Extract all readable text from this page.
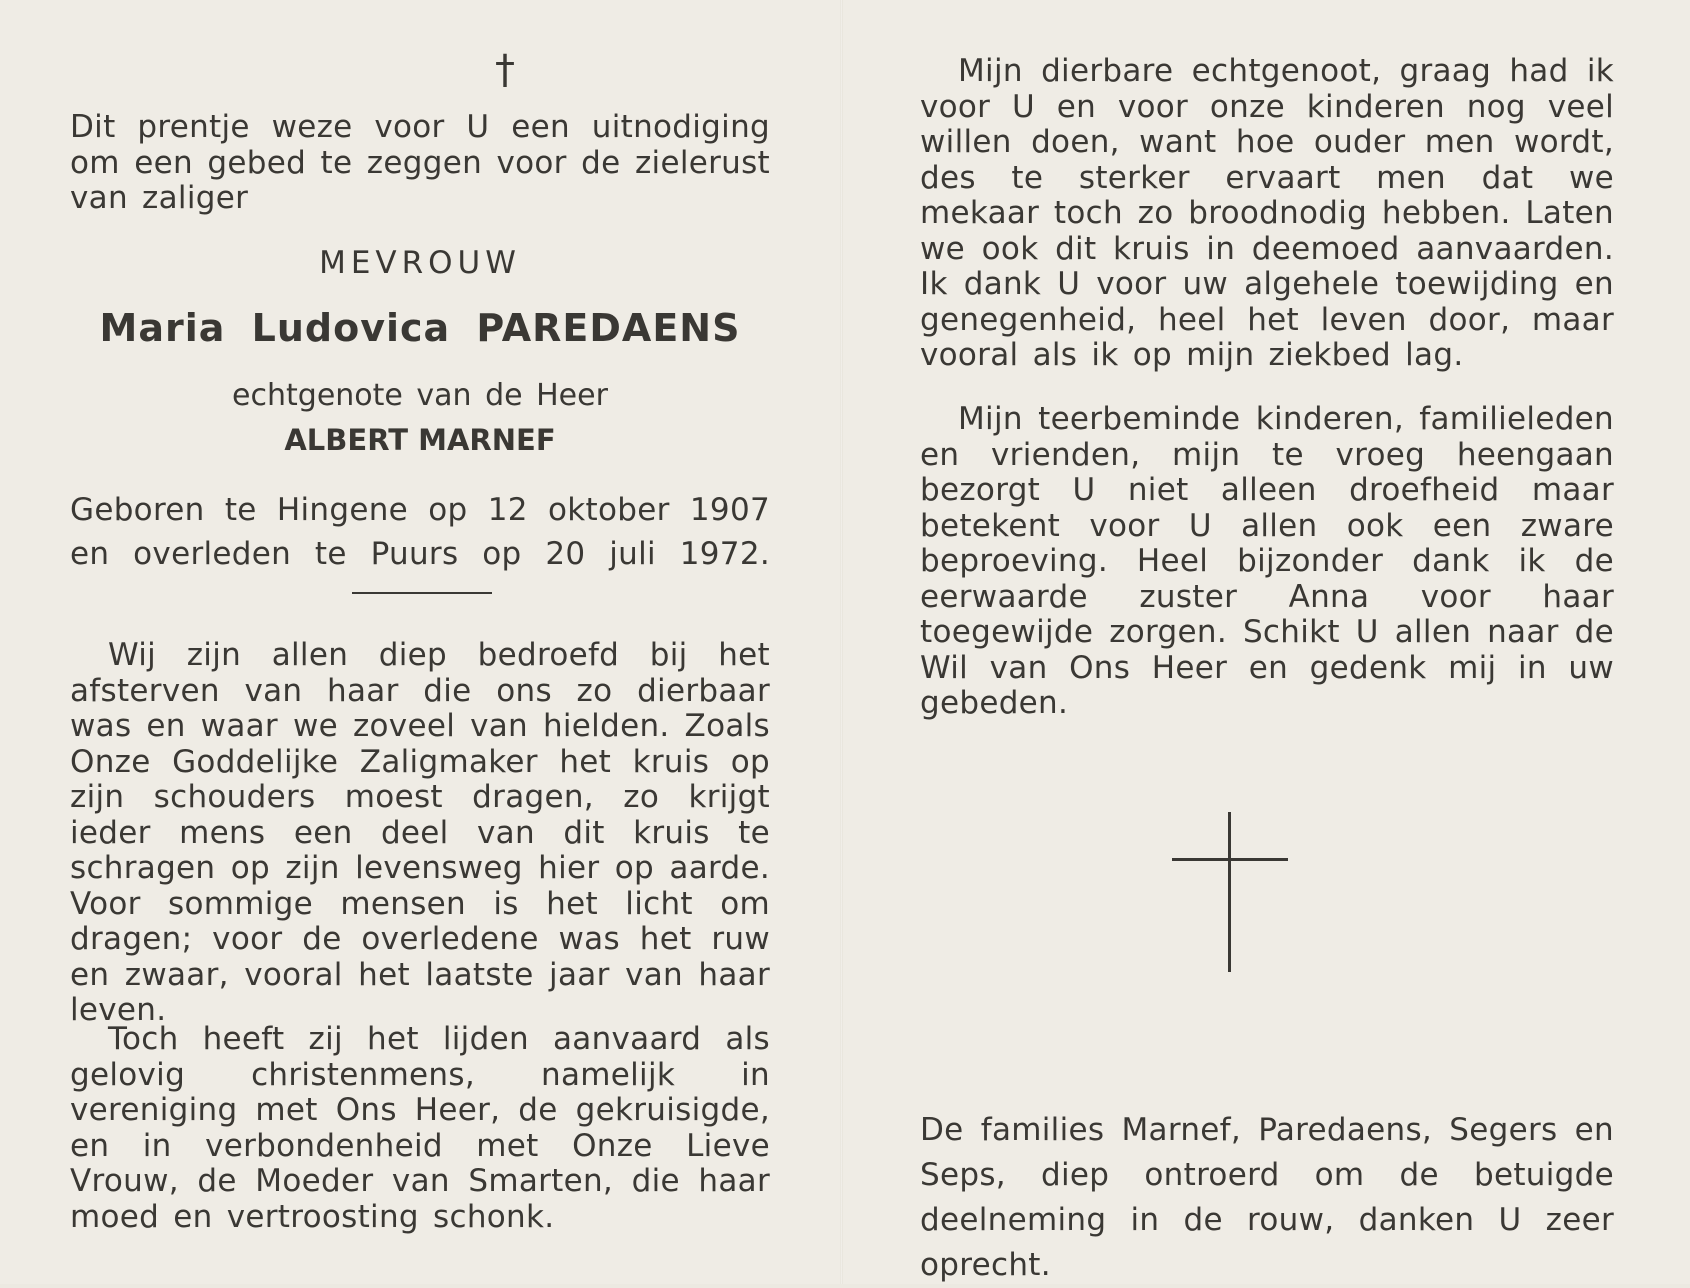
†

Dit prentje weze voor U een uitnodiging om een gebed te zeggen voor de zielerust van zaliger

MEVROUW

Maria Ludovica PAREDAENS

echtgenote van de Heer

ALBERT MARNEF

Geboren te Hingene op 12 oktober 1907 en overleden te Puurs op 20 juli 1972.

Wij zijn allen diep bedroefd bij het afsterven van haar die ons zo dierbaar was en waar we zoveel van hielden. Zoals Onze Goddelijke Zaligmaker het kruis op zijn schouders moest dragen, zo krijgt ieder mens een deel van dit kruis te schragen op zijn levensweg hier op aarde. Voor sommige mensen is het licht om dragen; voor de overledene was het ruw en zwaar, vooral het laatste jaar van haar leven.

Toch heeft zij het lijden aanvaard als gelovig christenmens, namelijk in vereniging met Ons Heer, de gekruisigde, en in verbondenheid met Onze Lieve Vrouw, de Moeder van Smarten, die haar moed en vertroosting schonk.

Mijn dierbare echtgenoot, graag had ik voor U en voor onze kinderen nog veel willen doen, want hoe ouder men wordt, des te sterker ervaart men dat we mekaar toch zo broodnodig hebben. Laten we ook dit kruis in deemoed aanvaarden. Ik dank U voor uw algehele toewijding en genegenheid, heel het leven door, maar vooral als ik op mijn ziekbed lag.

Mijn teerbeminde kinderen, familieleden en vrienden, mijn te vroeg heengaan bezorgt U niet alleen droefheid maar betekent voor U allen ook een zware beproeving. Heel bijzonder dank ik de eerwaarde zuster Anna voor haar toegewijde zorgen. Schikt U allen naar de Wil van Ons Heer en gedenk mij in uw gebeden.

De families Marnef, Paredaens, Segers en Seps, diep ontroerd om de betuigde deelneming in de rouw, danken U zeer oprecht.
